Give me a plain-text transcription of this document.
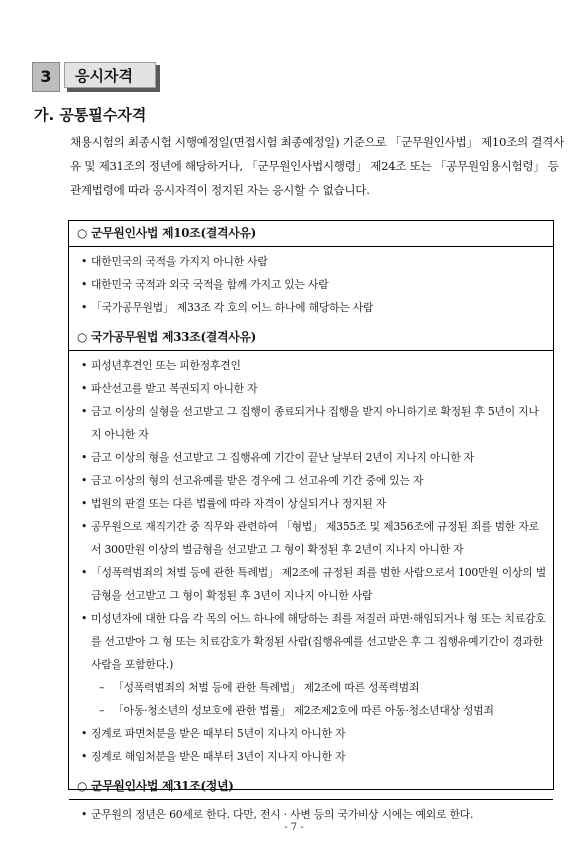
3	응시자격
가. 공통필수자격
채용시험의 최종시험 시행예정일(면접시험 최종예정일) 기준으로 「군무원인사법」 제10조의 결격사유 및 제31조의 정년에 해당하거나, 「군무원인사법시행령」 제24조 또는 「공무원임용시험령」 등 관계법령에 따라 응시자격이 정지된 자는 응시할 수 없습니다.
○ 군무원인사법 제10조(결격사유)
• 대한민국의 국적을 가지지 아니한 사람
• 대한민국 국적과 외국 국적을 함께 가지고 있는 사람
• 「국가공무원법」 제33조 각 호의 어느 하나에 해당하는 사람
○ 국가공무원법 제33조(결격사유)
• 피성년후견인 또는 피한정후견인
• 파산선고를 받고 복권되지 아니한 자
• 금고 이상의 실형을 선고받고 그 집행이 종료되거나 집행을 받지 아니하기로 확정된 후 5년이 지나지 아니한 자
• 금고 이상의 형을 선고받고 그 집행유예 기간이 끝난 날부터 2년이 지나지 아니한 자
• 금고 이상의 형의 선고유예를 받은 경우에 그 선고유예 기간 중에 있는 자
• 법원의 판결 또는 다른 법률에 따라 자격이 상실되거나 정지된 자
• 공무원으로 재직기간 중 직무와 관련하여 「형법」 제355조 및 제356조에 규정된 죄를 범한 자로서 300만원 이상의 벌금형을 선고받고 그 형이 확정된 후 2년이 지나지 아니한 자
• 「성폭력범죄의 처벌 등에 관한 특례법」 제2조에 규정된 죄를 범한 사람으로서 100만원 이상의 벌금형을 선고받고 그 형이 확정된 후 3년이 지나지 아니한 사람
• 미성년자에 대한 다음 각 목의 어느 하나에 해당하는 죄를 저질러 파면·해임되거나 형 또는 치료감호를 선고받아 그 형 또는 치료감호가 확정된 사람(집행유예를 선고받은 후 그 집행유예기간이 경과한 사람을 포함한다.)
– 「성폭력범죄의 처벌 등에 관한 특례법」 제2조에 따른 성폭력범죄
– 「아동·청소년의 성보호에 관한 법률」 제2조제2호에 따른 아동·청소년대상 성범죄
• 징계로 파면처분을 받은 때부터 5년이 지나지 아니한 자
• 징계로 해임처분을 받은 때부터 3년이 지나지 아니한 자
○ 군무원인사법 제31조(정년)
• 군무원의 정년은 60세로 한다. 다만, 전시 · 사변 등의 국가비상 시에는 예외로 한다.
- 7 -
